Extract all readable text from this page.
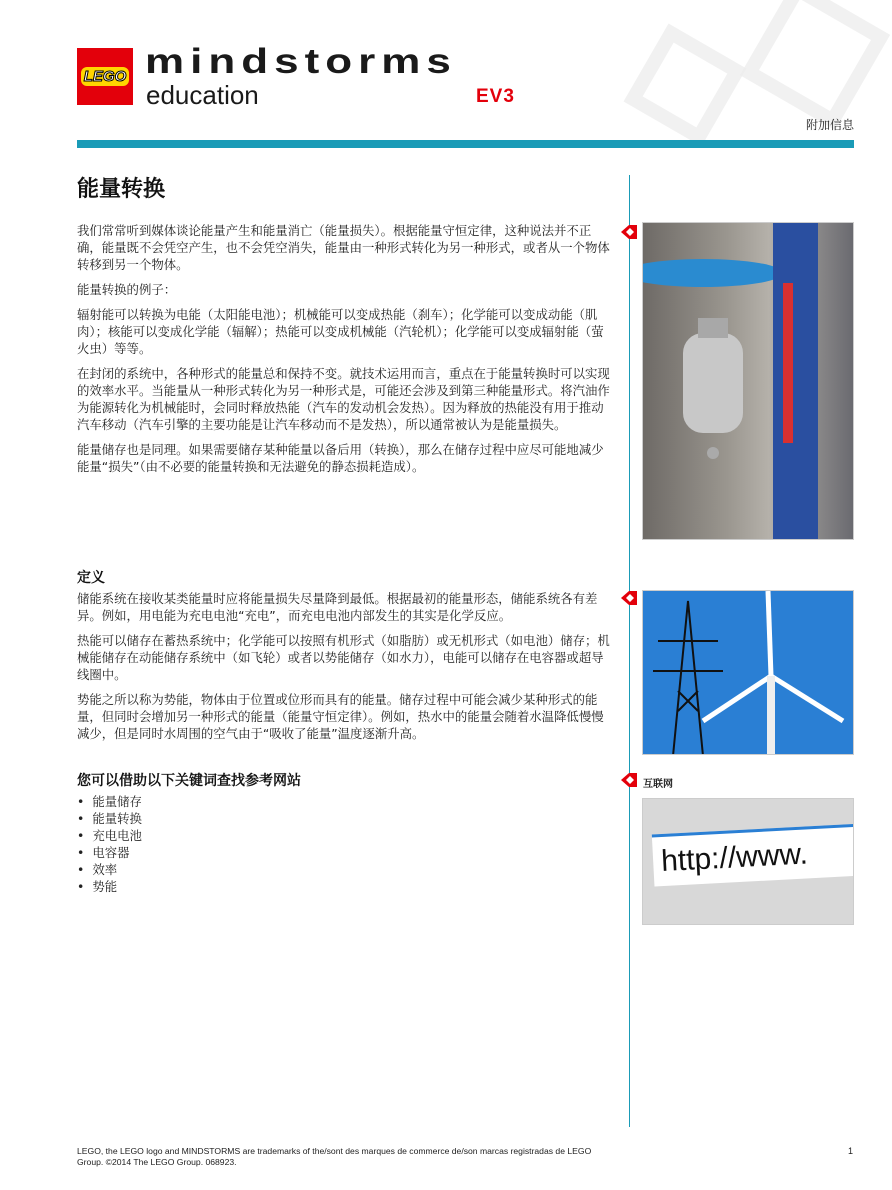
LEGO mindstorms
education	EV3
附加信息
能量转换

我们常常听到媒体谈论能量产生和能量消亡（能量损失）。根据能量守恒定律，这种说法并不正确，能量既不会凭空产生，也不会凭空消失，能量由一种形式转化为另一种形式，或者从一个物体转移到另一个物体。

能量转换的例子：

辐射能可以转换为电能（太阳能电池）；机械能可以变成热能（刹车）；化学能可以变成动能（肌肉）；核能可以变成化学能（辐解）；热能可以变成机械能（汽轮机）；化学能可以变成辐射能（萤火虫）等等。

在封闭的系统中，各种形式的能量总和保持不变。就技术运用而言，重点在于能量转换时可以实现的效率水平。当能量从一种形式转化为另一种形式是，可能还会涉及到第三种能量形式。将汽油作为能源转化为机械能时，会同时释放热能（汽车的发动机会发热）。因为释放的热能没有用于推动汽车移动（汽车引擎的主要功能是让汽车移动而不是发热），所以通常被认为是能量损失。

能量储存也是同理。如果需要储存某种能量以备后用（转换），那么在储存过程中应尽可能地减少能量“损失”（由不必要的能量转换和无法避免的静态损耗造成）。

定义

储能系统在接收某类能量时应将能量损失尽量降到最低。根据最初的能量形态，储能系统各有差异。例如，用电能为充电电池“充电”，而充电电池内部发生的其实是化学反应。

热能可以储存在蓄热系统中；化学能可以按照有机形式（如脂肪）或无机形式（如电池）储存；机械能储存在动能储存系统中（如飞轮）或者以势能储存（如水力），电能可以储存在电容器或超导线圈中。

势能之所以称为势能，物体由于位置或位形而具有的能量。储存过程中可能会减少某种形式的能量，但同时会增加另一种形式的能量（能量守恒定律）。例如，热水中的能量会随着水温降低慢慢减少，但是同时水周围的空气由于“吸收了能量”温度逐渐升高。

您可以借助以下关键词查找参考网站
• 能量储存
• 能量转换
• 充电电池
• 电容器
• 效率
• 势能
http://www.
互联网
LEGO, the LEGO logo and MINDSTORMS are trademarks of the/sont des marques de commerce de/son marcas registradas de LEGO Group. ©2014 The LEGO Group. 068923.
1
